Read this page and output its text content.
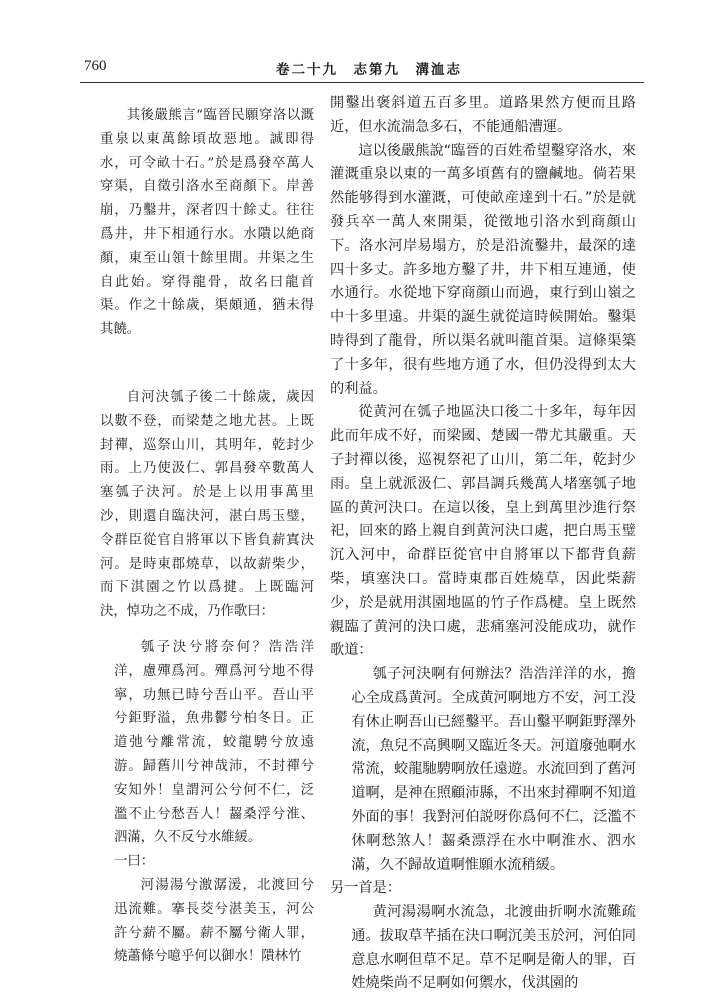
760	卷二十九　志第九　溝洫志

其後嚴熊言“臨晉民願穿洛以溉重泉以東萬餘頃故惡地。誠即得水，可令畝十石。”於是爲發卒萬人穿渠，自徵引洛水至商顏下。岸善崩，乃鑿井，深者四十餘丈。往往爲井，井下相通行水。水隤以絶商顏，東至山領十餘里間。井渠之生自此始。穿得龍骨，故名曰龍首渠。作之十餘歲，渠頗通，猶未得其饒。

自河決瓠子後二十餘歲，歲因以數不登，而梁楚之地尤甚。上既封禪，巡祭山川，其明年，乾封少雨。上乃使汲仁、郭昌發卒數萬人塞瓠子決河。於是上以用事萬里沙，則還自臨決河，湛白馬玉璧，令群臣從官自將軍以下皆負薪寘決河。是時東郡燒草，以故薪柴少，而下淇園之竹以爲揵。上既臨河決，悼功之不成，乃作歌曰：

瓠子決兮將奈何？浩浩洋洋，慮殫爲河。殫爲河兮地不得寧，功無已時兮吾山平。吾山平兮鉅野溢，魚弗鬱兮柏冬日。正道弛兮離常流，蛟龍騁兮放遠游。歸舊川兮神哉沛，不封禪兮安知外！皇謂河公兮何不仁，泛濫不止兮愁吾人！齧桑浮兮淮、泗滿，久不反兮水維緩。

一曰：

河湯湯兮激潺湲，北渡回兮迅流難。搴長茭兮湛美玉，河公許兮薪不屬。薪不屬兮衛人罪，燒蕭條兮噫乎何以御水！隤林竹

開鑿出褒斜道五百多里。道路果然方便而且路近，但水流湍急多石，不能通船漕運。

這以後嚴熊說“臨晉的百姓希望鑿穿洛水，來灌溉重泉以東的一萬多頃舊有的鹽鹹地。倘若果然能够得到水灌溉，可使畝産達到十石。”於是就發兵卒一萬人來開渠，從徵地引洛水到商顔山下。洛水河岸易塌方，於是沿流鑿井，最深的達四十多丈。許多地方鑿了井，井下相互連通，使水通行。水從地下穿商顔山而過，東行到山嶺之中十多里遠。井渠的誕生就從這時候開始。鑿渠時得到了龍骨，所以渠名就叫龍首渠。這條渠築了十多年，很有些地方通了水，但仍没得到太大的利益。

從黄河在瓠子地區決口後二十多年，每年因此而年成不好，而梁國、楚國一帶尤其嚴重。天子封禪以後，巡視祭祀了山川，第二年，乾封少雨。皇上就派汲仁、郭昌調兵幾萬人堵塞瓠子地區的黄河決口。在這以後，皇上到萬里沙進行祭祀，回來的路上親自到黄河決口處，把白馬玉璧沉入河中，命群臣從官中自將軍以下都背負薪柴，填塞決口。當時東郡百姓燒草，因此柴薪少，於是就用淇園地區的竹子作爲楗。皇上既然親臨了黄河的決口處，悲痛塞河没能成功，就作歌道：

瓠子河決啊有何辦法？浩浩洋洋的水，擔心全成爲黄河。全成黄河啊地方不安，河工没有休止啊吾山已經鑿平。吾山鑿平啊鉅野澤外流，魚兒不高興啊又臨近冬天。河道廢弛啊水常流，蛟龍馳騁啊放任遠遊。水流回到了舊河道啊，是神在照顧沛縣，不出來封禪啊不知道外面的事！我對河伯説呀你爲何不仁，泛濫不休啊愁煞人！齧桑漂浮在水中啊淮水、泗水滿，久不歸故道啊惟願水流稍緩。

另一首是：

黄河湯湯啊水流急，北渡曲折啊水流難疏通。拔取草芊插在決口啊沉美玉於河，河伯同意息水啊但草不足。草不足啊是衛人的罪，百姓燒柴尚不足啊如何禦水，伐淇園的
